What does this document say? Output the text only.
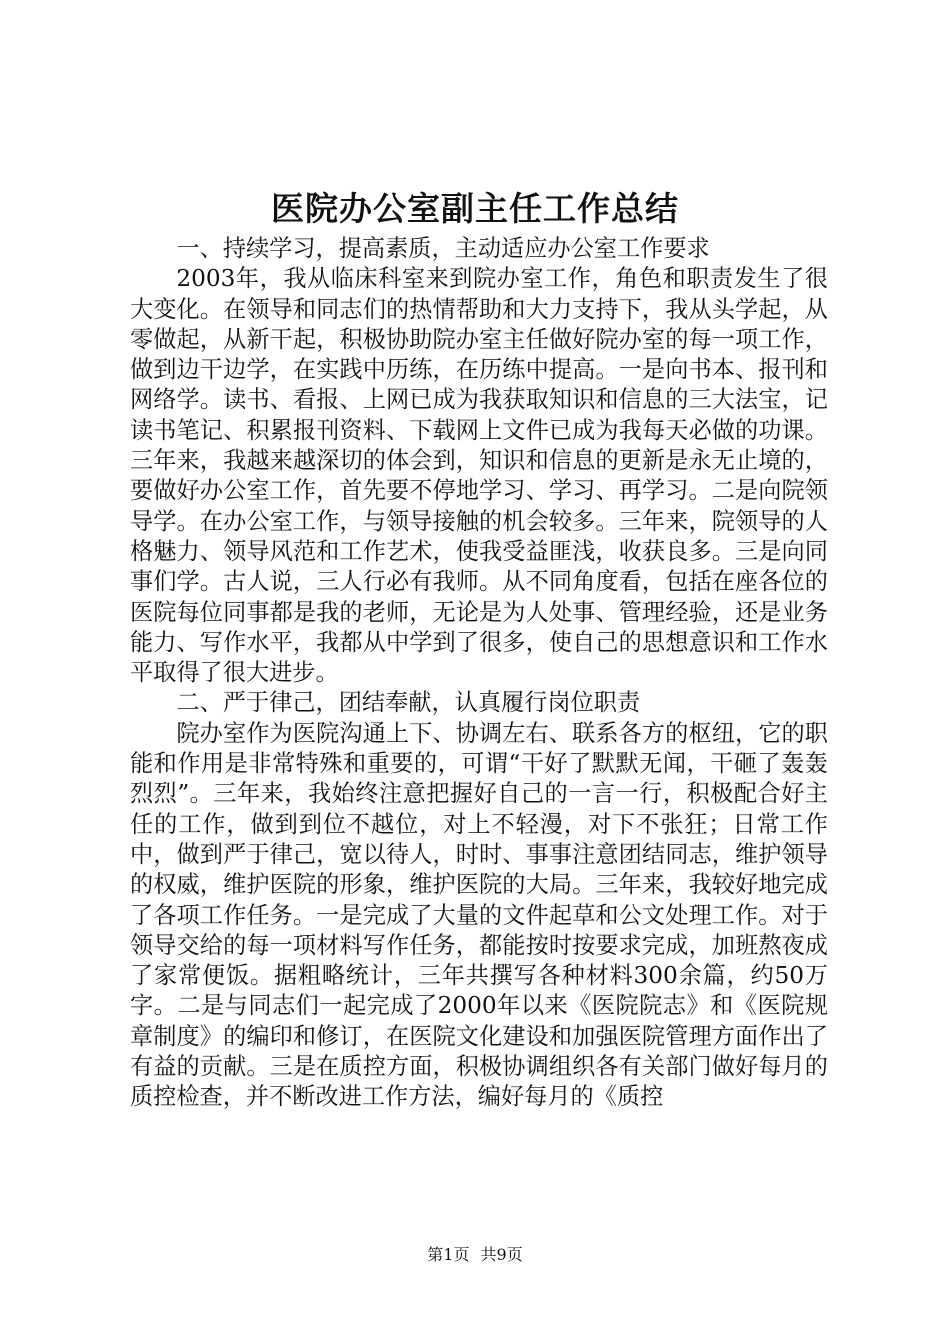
医院办公室副主任工作总结

一、持续学习，提高素质，主动适应办公室工作要求

2003年，我从临床科室来到院办室工作，角色和职责发生了很大变化。在领导和同志们的热情帮助和大力支持下，我从头学起，从零做起，从新干起，积极协助院办室主任做好院办室的每一项工作，做到边干边学，在实践中历练，在历练中提高。一是向书本、报刊和网络学。读书、看报、上网已成为我获取知识和信息的三大法宝，记读书笔记、积累报刊资料、下载网上文件已成为我每天必做的功课。三年来，我越来越深切的体会到，知识和信息的更新是永无止境的，要做好办公室工作，首先要不停地学习、学习、再学习。二是向院领导学。在办公室工作，与领导接触的机会较多。三年来，院领导的人格魅力、领导风范和工作艺术，使我受益匪浅，收获良多。三是向同事们学。古人说，三人行必有我师。从不同角度看，包括在座各位的医院每位同事都是我的老师，无论是为人处事、管理经验，还是业务能力、写作水平，我都从中学到了很多，使自己的思想意识和工作水平取得了很大进步。

二、严于律己，团结奉献，认真履行岗位职责

院办室作为医院沟通上下、协调左右、联系各方的枢纽，它的职能和作用是非常特殊和重要的，可谓“干好了默默无闻，干砸了轰轰烈烈”。三年来，我始终注意把握好自己的一言一行，积极配合好主任的工作，做到到位不越位，对上不轻漫，对下不张狂；日常工作中，做到严于律己，宽以待人，时时、事事注意团结同志，维护领导的权威，维护医院的形象，维护医院的大局。三年来，我较好地完成了各项工作任务。一是完成了大量的文件起草和公文处理工作。对于领导交给的每一项材料写作任务，都能按时按要求完成，加班熬夜成了家常便饭。据粗略统计，三年共撰写各种材料300余篇，约50万字。二是与同志们一起完成了2000年以来《医院院志》和《医院规章制度》的编印和修订，在医院文化建设和加强医院管理方面作出了有益的贡献。三是在质控方面，积极协调组织各有关部门做好每月的质控检查，并不断改进工作方法，编好每月的《质控

第1页 共9页
